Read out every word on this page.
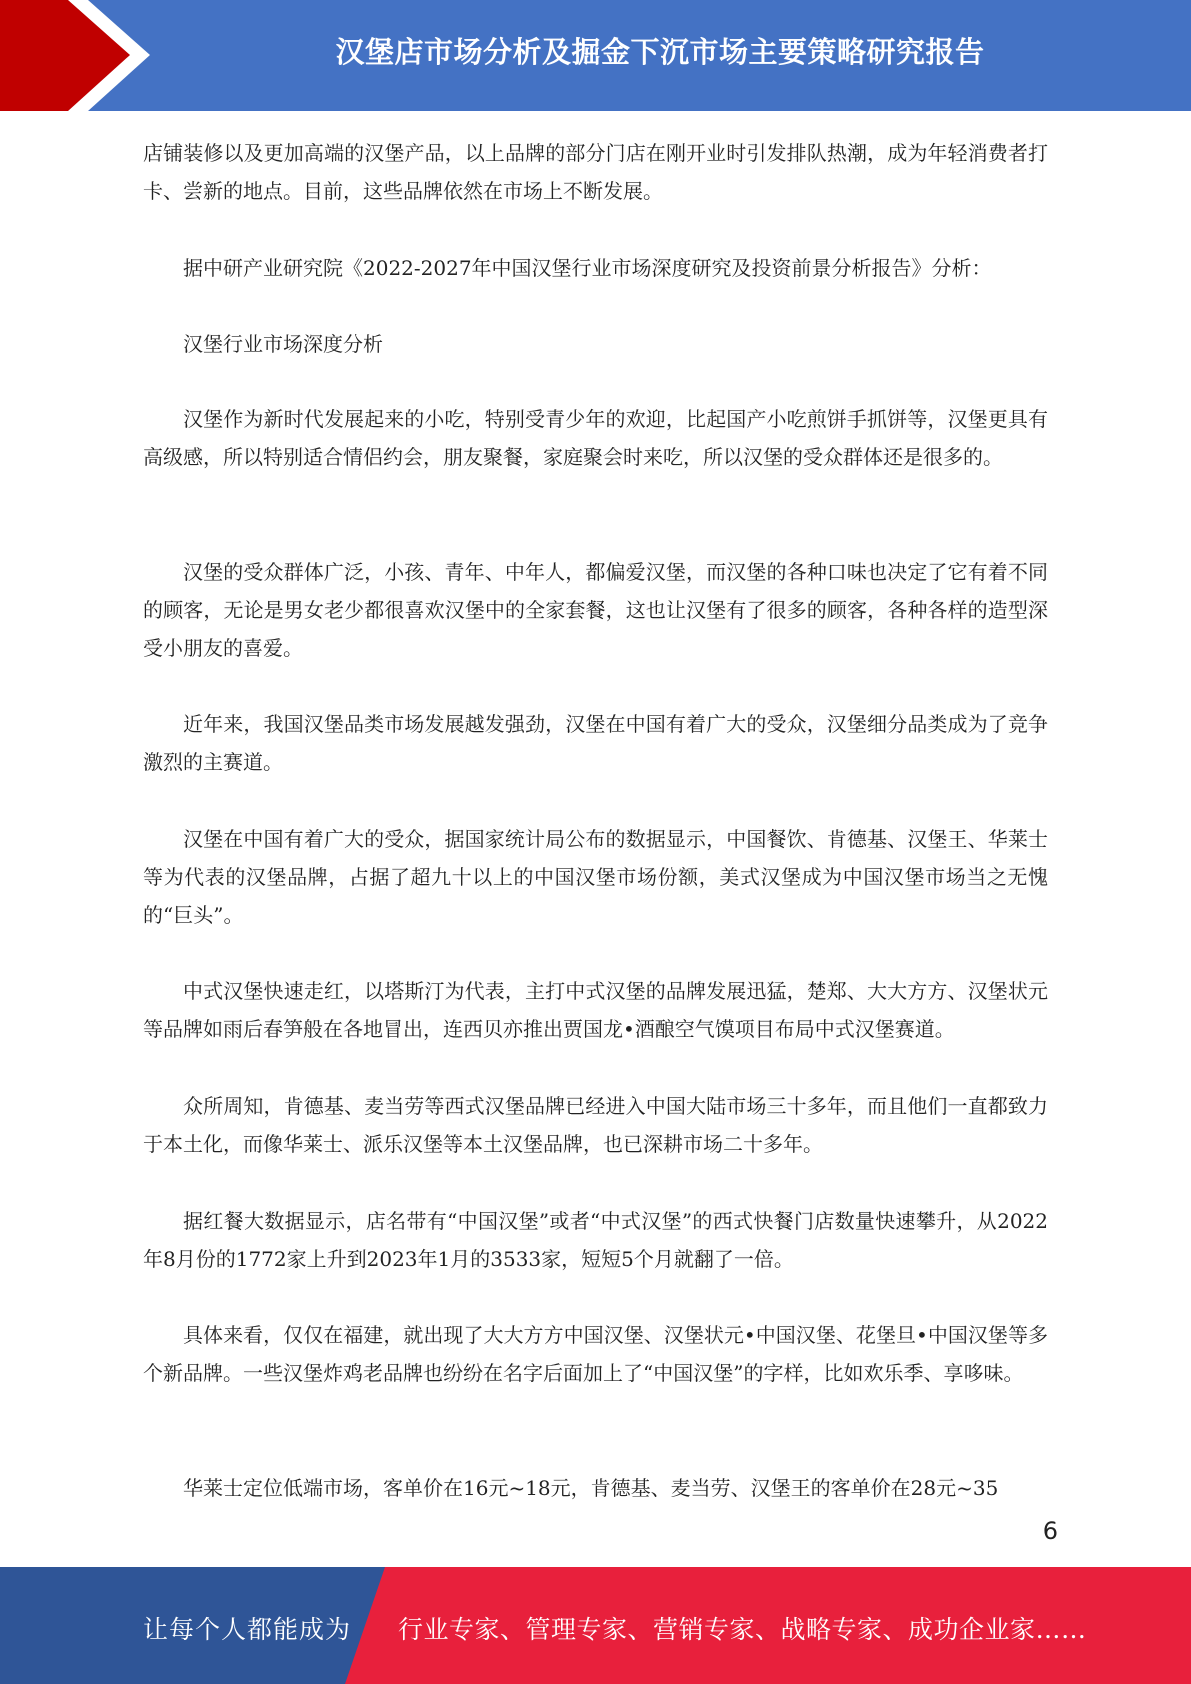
汉堡店市场分析及掘金下沉市场主要策略研究报告

店铺装修以及更加高端的汉堡产品，以上品牌的部分门店在刚开业时引发排队热潮，成为年轻消费者打卡、尝新的地点。目前，这些品牌依然在市场上不断发展。

据中研产业研究院《2022-2027年中国汉堡行业市场深度研究及投资前景分析报告》分析：

汉堡行业市场深度分析

汉堡作为新时代发展起来的小吃，特别受青少年的欢迎，比起国产小吃煎饼手抓饼等，汉堡更具有高级感，所以特别适合情侣约会，朋友聚餐，家庭聚会时来吃，所以汉堡的受众群体还是很多的。

汉堡的受众群体广泛，小孩、青年、中年人，都偏爱汉堡，而汉堡的各种口味也决定了它有着不同的顾客，无论是男女老少都很喜欢汉堡中的全家套餐，这也让汉堡有了很多的顾客，各种各样的造型深受小朋友的喜爱。

近年来，我国汉堡品类市场发展越发强劲，汉堡在中国有着广大的受众，汉堡细分品类成为了竞争激烈的主赛道。

汉堡在中国有着广大的受众，据国家统计局公布的数据显示，中国餐饮、肯德基、汉堡王、华莱士等为代表的汉堡品牌，占据了超九十以上的中国汉堡市场份额，美式汉堡成为中国汉堡市场当之无愧的“巨头”。

中式汉堡快速走红，以塔斯汀为代表，主打中式汉堡的品牌发展迅猛，楚郑、大大方方、汉堡状元等品牌如雨后春笋般在各地冒出，连西贝亦推出贾国龙•酒酿空气馍项目布局中式汉堡赛道。

众所周知，肯德基、麦当劳等西式汉堡品牌已经进入中国大陆市场三十多年，而且他们一直都致力于本土化，而像华莱士、派乐汉堡等本土汉堡品牌，也已深耕市场二十多年。

据红餐大数据显示，店名带有“中国汉堡”或者“中式汉堡”的西式快餐门店数量快速攀升，从2022年8月份的1772家上升到2023年1月的3533家，短短5个月就翻了一倍。

具体来看，仅仅在福建，就出现了大大方方中国汉堡、汉堡状元•中国汉堡、花堡旦•中国汉堡等多个新品牌。一些汉堡炸鸡老品牌也纷纷在名字后面加上了“中国汉堡”的字样，比如欢乐季、享哆味。

华莱士定位低端市场，客单价在16元~18元，肯德基、麦当劳、汉堡王的客单价在28元~35

6
让每个人都能成为 行业专家、管理专家、营销专家、战略专家、成功企业家……
